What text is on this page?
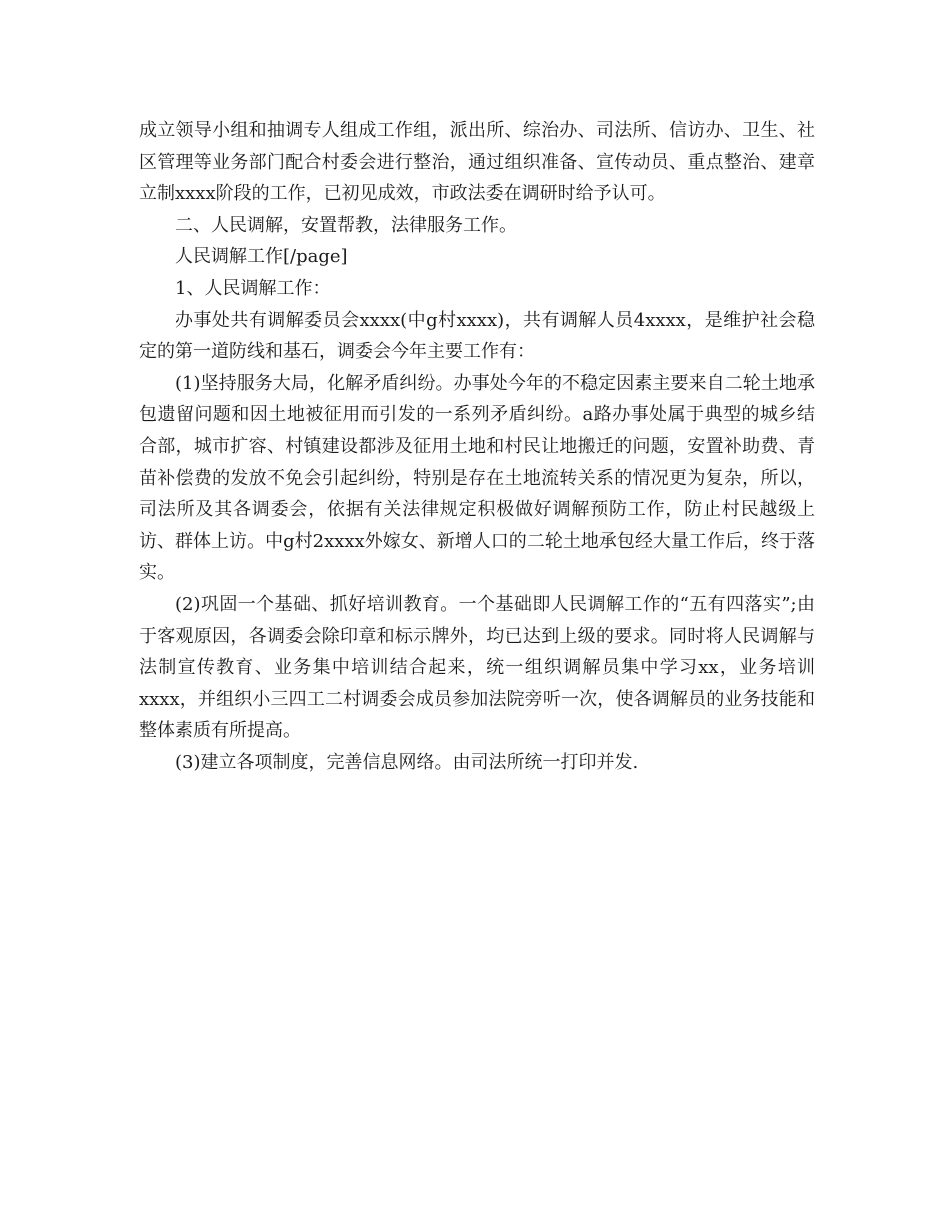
成立领导小组和抽调专人组成工作组，派出所、综治办、司法所、信访办、卫生、社区管理等业务部门配合村委会进行整治，通过组织准备、宣传动员、重点整治、建章立制xxxx阶段的工作，已初见成效，市政法委在调研时给予认可。

二、人民调解，安置帮教，法律服务工作。

人民调解工作[/page]

1、人民调解工作：

办事处共有调解委员会xxxx(中g村xxxx)，共有调解人员4xxxx，是维护社会稳定的第一道防线和基石，调委会今年主要工作有：

(1)坚持服务大局，化解矛盾纠纷。办事处今年的不稳定因素主要来自二轮土地承包遗留问题和因土地被征用而引发的一系列矛盾纠纷。a路办事处属于典型的城乡结合部，城市扩容、村镇建设都涉及征用土地和村民让地搬迁的问题，安置补助费、青苗补偿费的发放不免会引起纠纷，特别是存在土地流转关系的情况更为复杂，所以，司法所及其各调委会，依据有关法律规定积极做好调解预防工作，防止村民越级上访、群体上访。中g村2xxxx外嫁女、新增人口的二轮土地承包经大量工作后，终于落实。

(2)巩固一个基础、抓好培训教育。一个基础即人民调解工作的“五有四落实”;由于客观原因，各调委会除印章和标示牌外，均已达到上级的要求。同时将人民调解与法制宣传教育、业务集中培训结合起来，统一组织调解员集中学习xx，业务培训xxxx，并组织小三四工二村调委会成员参加法院旁听一次，使各调解员的业务技能和整体素质有所提高。

(3)建立各项制度，完善信息网络。由司法所统一打印并发.
